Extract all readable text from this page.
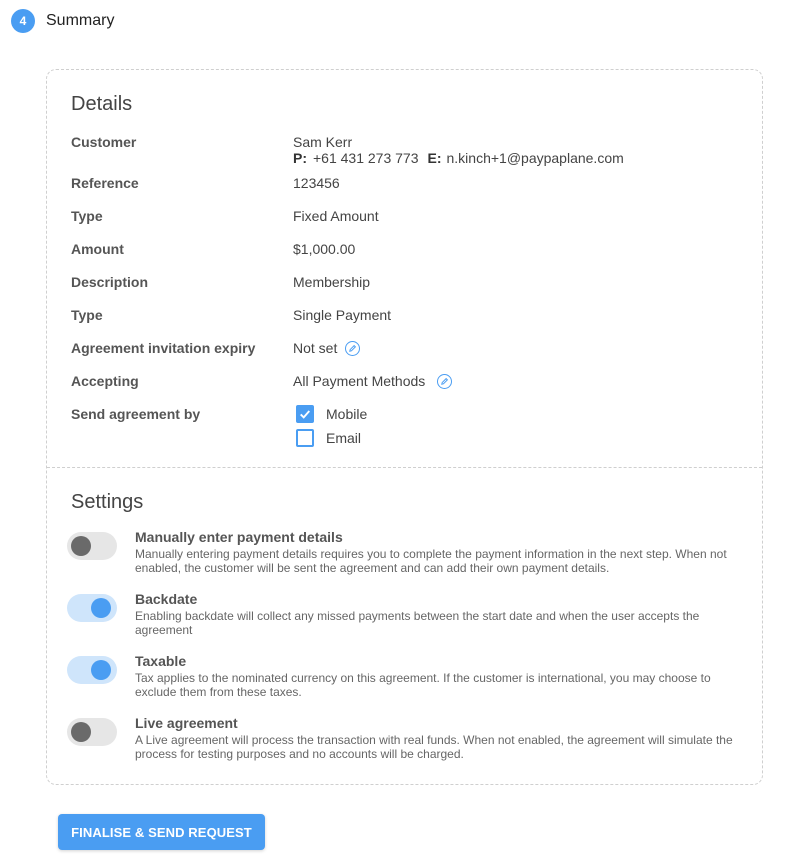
4	Summary
Details
Customer	Sam Kerr
P: +61 431 273 773 E: n.kinch+1@paypaplane.com
Reference	123456
Type	Fixed Amount
Amount	$1,000.00
Description	Membership
Type	Single Payment
Agreement invitation expiry	Not set
Accepting	All Payment Methods
Send agreement by	Mobile
Email
Settings
Manually enter payment details
Manually entering payment details requires you to complete the payment information in the next step. When not enabled, the customer will be sent the agreement and can add their own payment details.
Backdate
Enabling backdate will collect any missed payments between the start date and when the user accepts the agreement
Taxable
Tax applies to the nominated currency on this agreement. If the customer is international, you may choose to exclude them from these taxes.
Live agreement
A Live agreement will process the transaction with real funds. When not enabled, the agreement will simulate the process for testing purposes and no accounts will be charged.
FINALISE & SEND REQUEST
